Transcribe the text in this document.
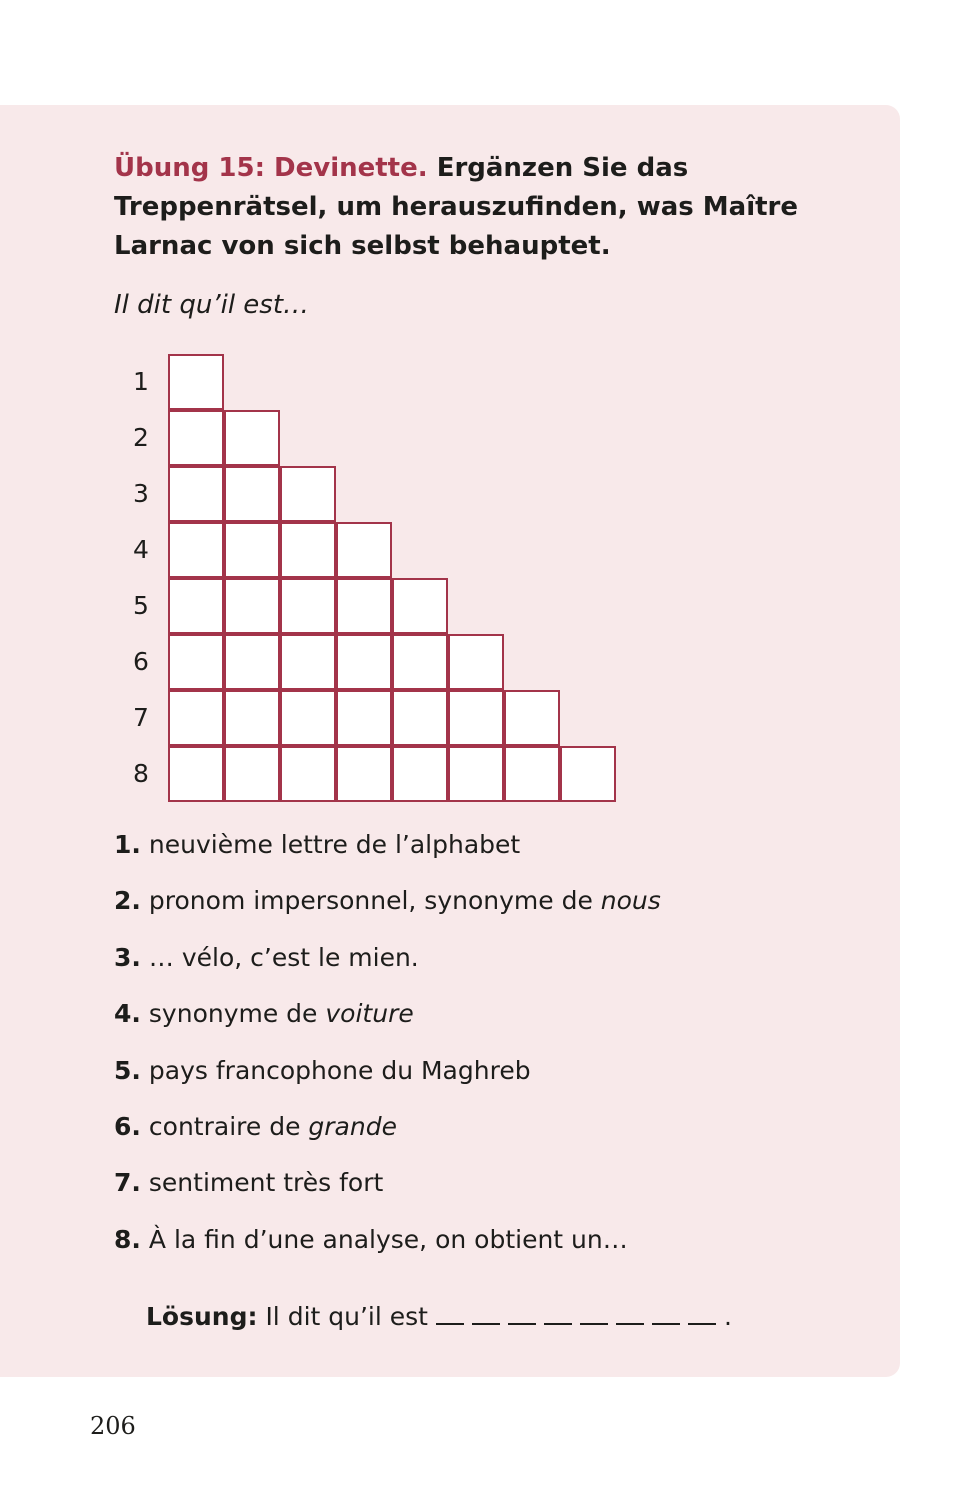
Übung 15: Devinette. Ergänzen Sie das Treppenrätsel, um herauszufinden, was Maître Larnac von sich selbst behauptet.

Il dit qu’il est…

1
2
3
4
5
6
7
8
1. neuvième lettre de l’alphabet
2. pronom impersonnel, synonyme de nous
3. … vélo, c’est le mien.
4. synonyme de voiture
5. pays francophone du Maghreb
6. contraire de grande
7. sentiment très fort
8. À la fin d’une analyse, on obtient un…
Lösung: Il dit qu’il est	.
206
